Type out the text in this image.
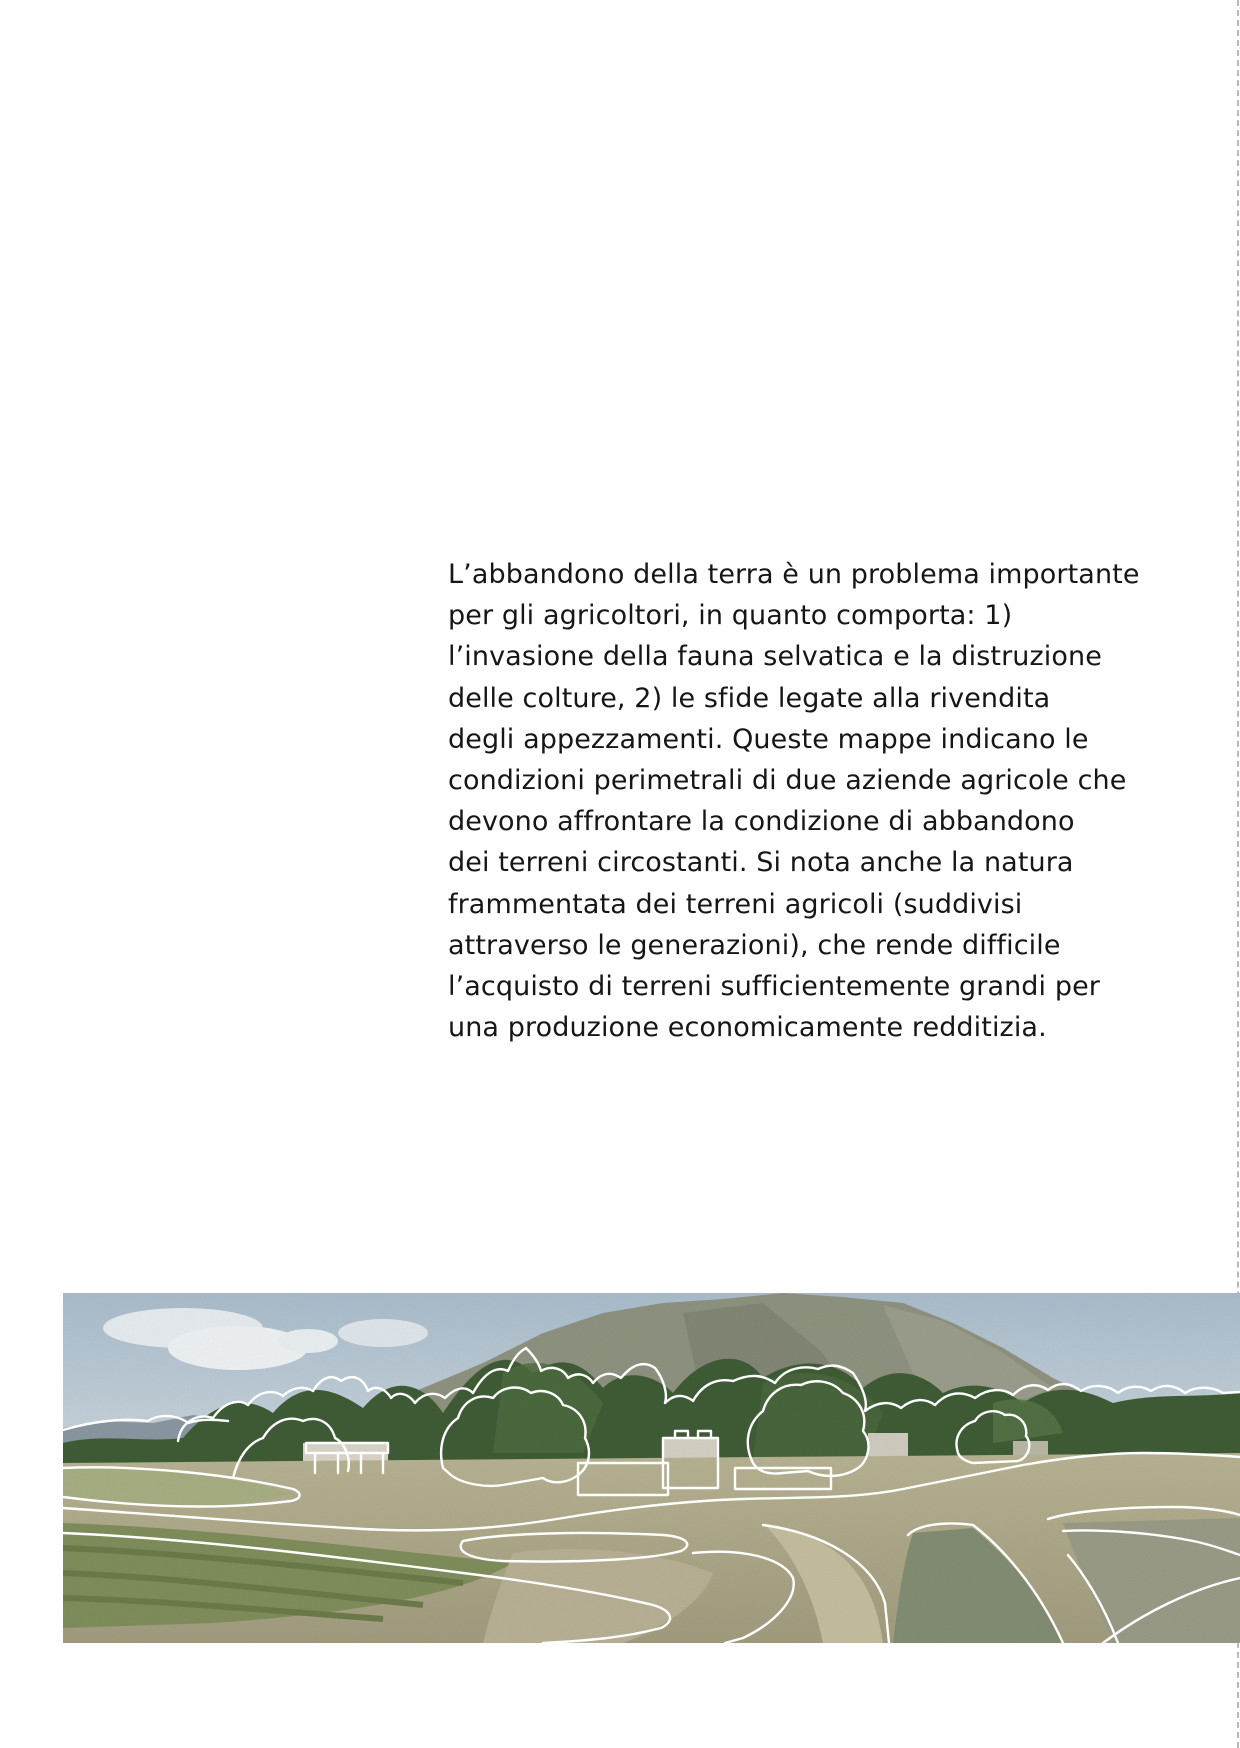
L’abbandono della terra è un problema importante
per gli agricoltori, in quanto comporta: 1)
l’invasione della fauna selvatica e la distruzione
delle colture, 2) le sfide legate alla rivendita
degli appezzamenti. Queste mappe indicano le
condizioni perimetrali di due aziende agricole che
devono affrontare la condizione di abbandono
dei terreni circostanti. Si nota anche la natura
frammentata dei terreni agricoli (suddivisi
attraverso le generazioni), che rende difficile
l’acquisto di terreni sufficientemente grandi per
una produzione economicamente redditizia.
